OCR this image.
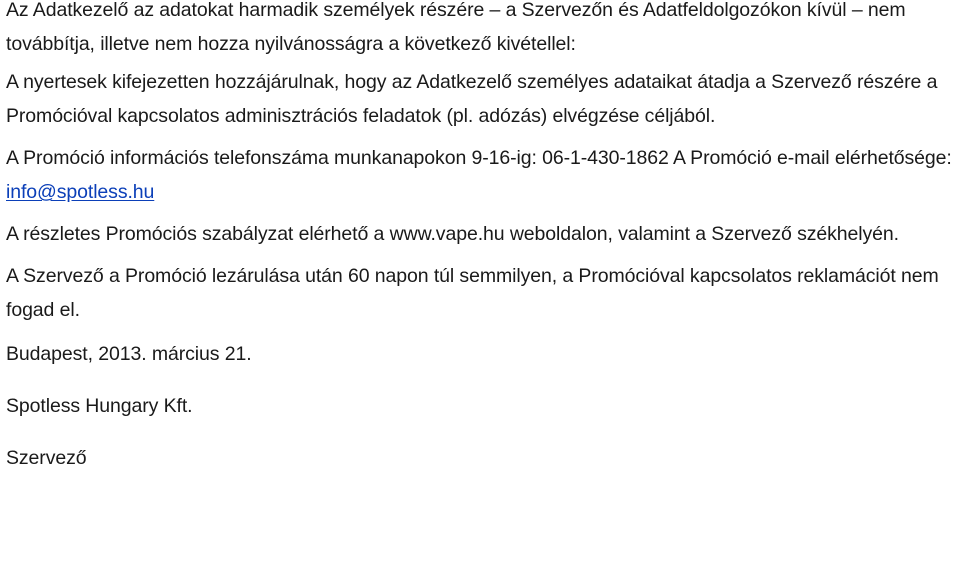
Az Adatkezelő az adatokat harmadik személyek részére – a Szervezőn és Adatfeldolgozókon kívül – nem továbbítja, illetve nem hozza nyilvánosságra a következő kivétellel:

A nyertesek kifejezetten hozzájárulnak, hogy az Adatkezelő személyes adataikat átadja a Szervező részére a Promócióval kapcsolatos adminisztrációs feladatok (pl. adózás) elvégzése céljából.

A Promóció információs telefonszáma munkanapokon 9-16-ig: 06-1-430-1862 A Promóció e-mail elérhetősége: info@spotless.hu

A részletes Promóciós szabályzat elérhető a www.vape.hu weboldalon, valamint a Szervező székhelyén.

A Szervező a Promóció lezárulása után 60 napon túl semmilyen, a Promócióval kapcsolatos reklamációt nem fogad el.

Budapest, 2013. március 21.

Spotless Hungary Kft.

Szervező
